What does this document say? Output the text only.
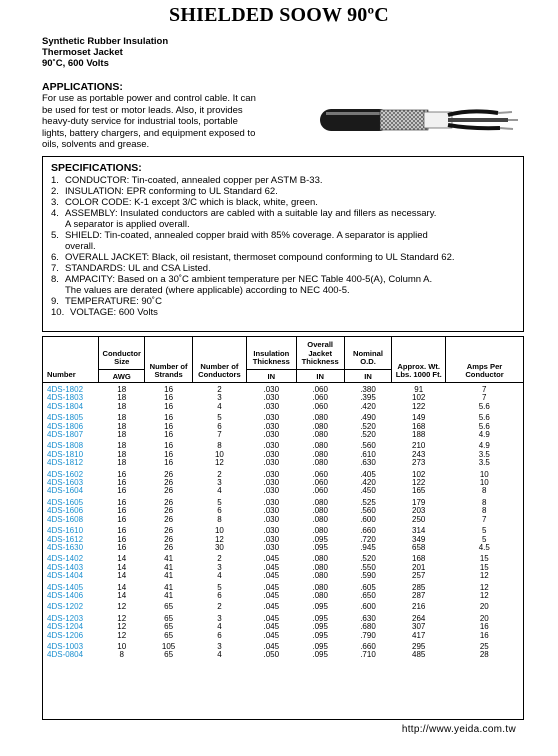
SHIELDED SOOW 90ºC
Synthetic Rubber Insulation
Thermoset Jacket
90˚C, 600 Volts
APPLICATIONS:
For use as portable power and control cable. It can
be used for test or motor leads. Also, it provides
heavy-duty service for industrial tools, portable
lights, battery chargers, and equipment exposed to
oils, solvents and grease.
SPECIFICATIONS:
1. CONDUCTOR: Tin-coated, annealed copper per ASTM B-33.
2. INSULATION: EPR conforming to UL Standard 62.
3. COLOR CODE: K-1 except 3/C which is black, white, green.
4. ASSEMBLY: Insulated conductors are cabled with a suitable lay and fillers as necessary.
A separator is applied overall.
5. SHIELD: Tin-coated, annealed copper braid with 85% coverage. A separator is applied
overall.
6. OVERALL JACKET: Black, oil resistant, thermoset compound conforming to UL Standard 62.
7. STANDARDS: UL and CSA Listed.
8. AMPACITY: Based on a 30˚C ambient temperature per NEC Table 400-5(A), Column A.
The values are derated (where applicable) according to NEC 400-5.
9. TEMPERATURE: 90˚C
10. VOLTAGE: 600 Volts
Number	Conductor Size	Number of Strands	Number of Conductors	Insulation Thickness	Overall Jacket Thickness	Nominal O.D.	Approx. Wt. Lbs. 1000 Ft.	Amps Per Conductor
	AWG			IN	IN	IN		
4DS-1802	18	16	2	.030	.060	.380	91	7
4DS-1803	18	16	3	.030	.060	.395	102	7
4DS-1804	18	16	4	.030	.060	.420	122	5.6
4DS-1805	18	16	5	.030	.080	.490	149	5.6
4DS-1806	18	16	6	.030	.080	.520	168	5.6
4DS-1807	18	16	7	.030	.080	.520	188	4.9
4DS-1808	18	16	8	.030	.080	.560	210	4.9
4DS-1810	18	16	10	.030	.080	.610	243	3.5
4DS-1812	18	16	12	.030	.080	.630	273	3.5
4DS-1602	16	26	2	.030	.060	.405	102	10
4DS-1603	16	26	3	.030	.060	.420	122	10
4DS-1604	16	26	4	.030	.060	.450	165	8
4DS-1605	16	26	5	.030	.080	.525	179	8
4DS-1606	16	26	6	.030	.080	.560	203	8
4DS-1608	16	26	8	.030	.080	.600	250	7
4DS-1610	16	26	10	.030	.080	.660	314	5
4DS-1612	16	26	12	.030	.095	.720	349	5
4DS-1630	16	26	30	.030	.095	.945	658	4.5
4DS-1402	14	41	2	.045	.080	.520	168	15
4DS-1403	14	41	3	.045	.080	.550	201	15
4DS-1404	14	41	4	.045	.080	.590	257	12
4DS-1405	14	41	5	.045	.080	.605	285	12
4DS-1406	14	41	6	.045	.080	.650	287	12
4DS-1202	12	65	2	.045	.095	.600	216	20
4DS-1203	12	65	3	.045	.095	.630	264	20
4DS-1204	12	65	4	.045	.095	.680	307	16
4DS-1206	12	65	6	.045	.095	.790	417	16
4DS-1003	10	105	3	.045	.095	.660	295	25
4DS-0804	8	65	4	.050	.095	.710	485	28
http://www.yeida.com.tw
